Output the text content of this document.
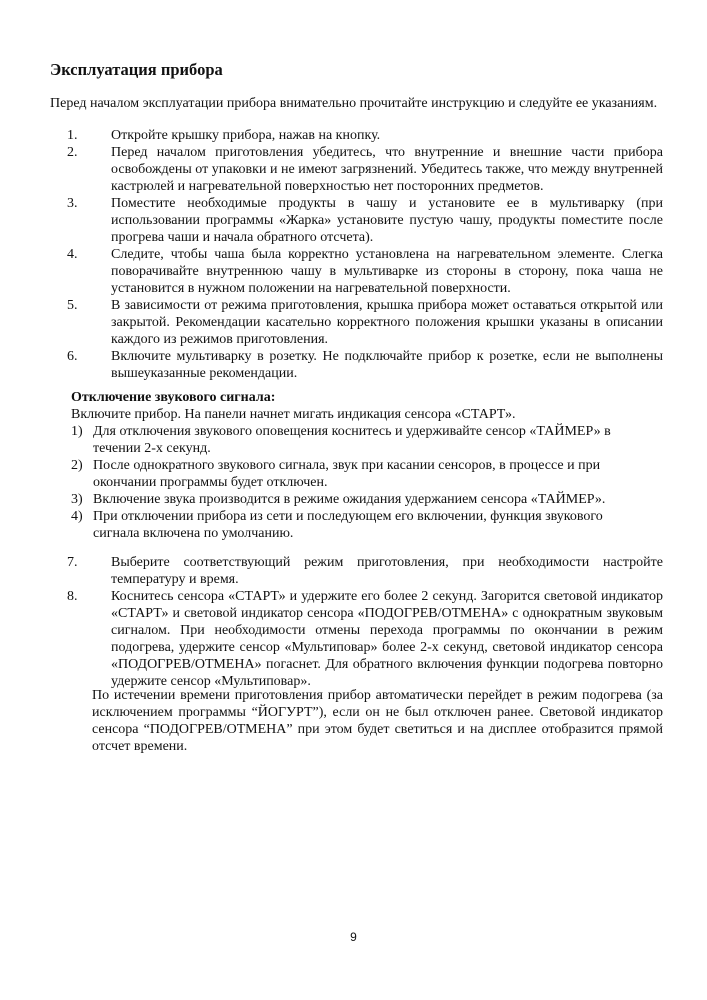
Эксплуатация прибора

Перед началом эксплуатации прибора внимательно прочитайте инструкцию и следуйте ее указаниям.

1. Откройте крышку прибора, нажав на кнопку.
2. Перед началом приготовления убедитесь, что внутренние и внешние части прибора освобождены от упаковки и не имеют загрязнений. Убедитесь также, что между внутренней кастрюлей и нагревательной поверхностью нет посторонних предметов.
3. Поместите необходимые продукты в чашу и установите ее в мультиварку (при использовании программы «Жарка» установите пустую чашу, продукты поместите после прогрева чаши и начала обратного отсчета).
4. Следите, чтобы чаша была корректно установлена на нагревательном элементе. Слегка поворачивайте внутреннюю чашу в мультиварке из стороны в сторону, пока чаша не установится в нужном положении на нагревательной поверхности.
5. В зависимости от режима приготовления, крышка прибора может оставаться открытой или закрытой. Рекомендации касательно корректного положения крышки указаны в описании каждого из режимов приготовления.
6. Включите мультиварку в розетку. Не подключайте прибор к розетке, если не выполнены вышеуказанные рекомендации.

Отключение звукового сигнала:

Включите прибор. На панели начнет мигать индикация сенсора «СТАРТ».

1) Для отключения звукового оповещения коснитесь и удерживайте сенсор «ТАЙМЕР» в течении 2-х секунд.
2) После однократного звукового сигнала, звук при касании сенсоров, в процессе и при окончании программы будет отключен.
3) Включение звука производится в режиме ожидания удержанием сенсора «ТАЙМЕР».
4) При отключении прибора из сети и последующем его включении, функция звукового сигнала включена по умолчанию.
7. Выберите соответствующий режим приготовления, при необходимости настройте температуру и время.
8. Коснитесь сенсора «СТАРТ» и удержите его более 2 секунд. Загорится световой индикатор «СТАРТ» и световой индикатор сенсора «ПОДОГРЕВ/ОТМЕНА» с однократным звуковым сигналом. При необходимости отмены перехода программы по окончании в режим подогрева, удержите сенсор «Мультиповар» более 2-х секунд, световой индикатор сенсора «ПОДОГРЕВ/ОТМЕНА» погаснет. Для обратного включения функции подогрева повторно удержите сенсор «Мультиповар».

По истечении времени приготовления прибор автоматически перейдет в режим подогрева (за исключением программы “ЙОГУРТ”), если он не был отключен ранее. Световой индикатор сенсора “ПОДОГРЕВ/ОТМЕНА” при этом будет светиться и на дисплее отобразится прямой отсчет времени.

9
